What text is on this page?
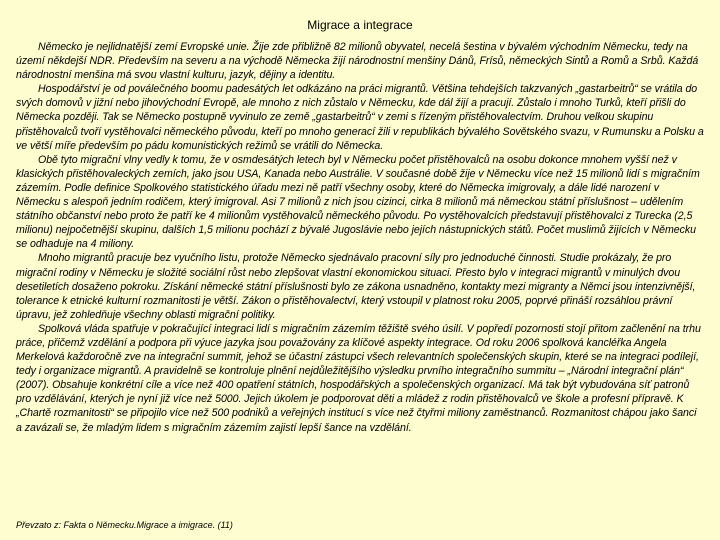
Migrace a integrace

Německo je nejlidnatější zemí Evropské unie. Žije zde přibližně 82 milionů obyvatel, necelá šestina v bývalém východním Německu, tedy na území někdejší NDR. Především na severu a na východě Německa žijí národnostní menšiny Dánů, Frísů, německých Sintů a Romů a Srbů. Každá národnostní menšina má svou vlastní kulturu, jazyk, dějiny a identitu.

Hospodářství je od poválečného boomu padesátých let odkázáno na práci migrantů. Většina tehdejších takzvaných „gastarbeitrů“ se vrátila do svých domovů v jižní nebo jihovýchodní Evropě, ale mnoho z nich zůstalo v Německu, kde dál žijí a pracují. Zůstalo i mnoho Turků, kteří přišli do Německa později. Tak se Německo postupně vyvinulo ze země „gastarbeitrů“ v zemi s řízeným přistěhovalectvím. Druhou velkou skupinu přistěhovalců tvoří vystěhovalci německého původu, kteří po mnoho generací žili v republikách bývalého Sovětského svazu, v Rumunsku a Polsku a ve větší míře především po pádu komunistických režimů se vrátili do Německa.

Obě tyto migrační vlny vedly k tomu, že v osmdesátých letech byl v Německu počet přistěhovalců na osobu dokonce mnohem vyšší než v klasických přistěhovaleckých zemích, jako jsou USA, Kanada nebo Austrálie. V současné době žije v Německu více než 15 milionů lidí s migračním zázemím. Podle definice Spolkového statistického úřadu mezi ně patří všechny osoby, které do Německa imigrovaly, a dále lidé narození v Německu s alespoň jedním rodičem, který imigroval. Asi 7 milionů z nich jsou cizinci, cirka 8 milionů má německou státní příslušnost – udělením státního občanství nebo proto že patří ke 4 milionům vystěhovalců německého původu. Po vystěhovalcích představují přistěhovalci z Turecka (2,5 milionu) nejpočetnější skupinu, dalších 1,5 milionu pochází z bývalé Jugoslávie nebo jejích nástupnických států. Počet muslimů žijících v Německu se odhaduje na 4 miliony.

Mnoho migrantů pracuje bez vyučního listu, protože Německo sjednávalo pracovní síly pro jednoduché činnosti. Studie prokázaly, že pro migrační rodiny v Německu je složité sociální růst nebo zlepšovat vlastní ekonomickou situaci. Přesto bylo v integraci migrantů v minulých dvou desetiletích dosaženo pokroku. Získání německé státní příslušnosti bylo ze zákona usnadněno, kontakty mezi migranty a Němci jsou intenzivnější, tolerance k etnické kulturní rozmanitosti je větší. Zákon o přistěhovalectví, který vstoupil v platnost roku 2005, poprvé přináší rozsáhlou právní úpravu, jež zohledňuje všechny oblasti migrační politiky.

Spolková vláda spatřuje v pokračující integraci lidí s migračním zázemím těžiště svého úsilí. V popředí pozornosti stojí přitom začlenění na trhu práce, přičemž vzdělání a podpora při výuce jazyka jsou považovány za klíčové aspekty integrace. Od roku 2006 spolková kancléřka Angela Merkelová každoročně zve na integrační summit, jehož se účastní zástupci všech relevantních společenských skupin, které se na integraci podílejí, tedy i organizace migrantů. A pravidelně se kontroluje plnění nejdůležitějšího výsledku prvního integračního summitu – „Národní integrační plán“ (2007). Obsahuje konkrétní cíle a více než 400 opatření státních, hospodářských a společenských organizací. Má tak být vybudována síť patronů pro vzdělávání, kterých je nyní již více než 5000. Jejich úkolem je podporovat děti a mládež z rodin přistěhovalců ve škole a profesní přípravě. K „Chartě rozmanitosti“ se připojilo více než 500 podniků a veřejných institucí s více než čtyřmi miliony zaměstnanců. Rozmanitost chápou jako šanci a zavázali se, že mladým lidem s migračním zázemím zajistí lepší šance na vzdělání.

Převzato z: Fakta o Německu.Migrace a imigrace. (11)
